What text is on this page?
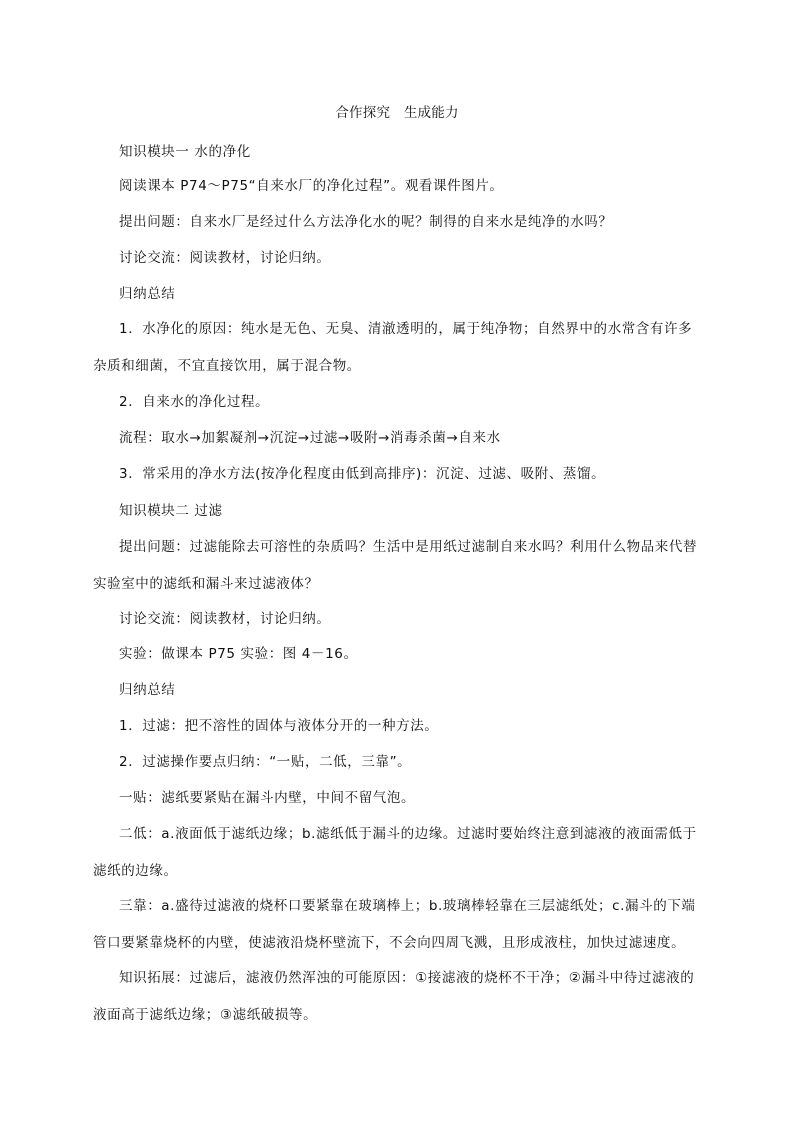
合作探究　生成能力
知识模块一 水的净化
阅读课本 P74～P75“自来水厂的净化过程”。观看课件图片。
提出问题：自来水厂是经过什么方法净化水的呢？制得的自来水是纯净的水吗？
讨论交流：阅读教材，讨论归纳。
归纳总结
1．水净化的原因：纯水是无色、无臭、清澈透明的，属于纯净物；自然界中的水常含有许多
杂质和细菌，不宜直接饮用，属于混合物。
2．自来水的净化过程。
流程：取水→加絮凝剂→沉淀→过滤→吸附→消毒杀菌→自来水
3．常采用的净水方法(按净化程度由低到高排序)：沉淀、过滤、吸附、蒸馏。
知识模块二 过滤
提出问题：过滤能除去可溶性的杂质吗？生活中是用纸过滤制自来水吗？利用什么物品来代替
实验室中的滤纸和漏斗来过滤液体？
讨论交流：阅读教材，讨论归纳。
实验：做课本 P75 实验：图 4－16。
归纳总结
1．过滤：把不溶性的固体与液体分开的一种方法。
2．过滤操作要点归纳：“一贴，二低，三靠”。
一贴：滤纸要紧贴在漏斗内壁，中间不留气泡。
二低：a.液面低于滤纸边缘；b.滤纸低于漏斗的边缘。过滤时要始终注意到滤液的液面需低于
滤纸的边缘。
三靠：a.盛待过滤液的烧杯口要紧靠在玻璃棒上；b.玻璃棒轻靠在三层滤纸处；c.漏斗的下端
管口要紧靠烧杯的内壁，使滤液沿烧杯壁流下，不会向四周飞溅，且形成液柱，加快过滤速度。
知识拓展：过滤后，滤液仍然浑浊的可能原因：①接滤液的烧杯不干净；②漏斗中待过滤液的
液面高于滤纸边缘；③滤纸破损等。
